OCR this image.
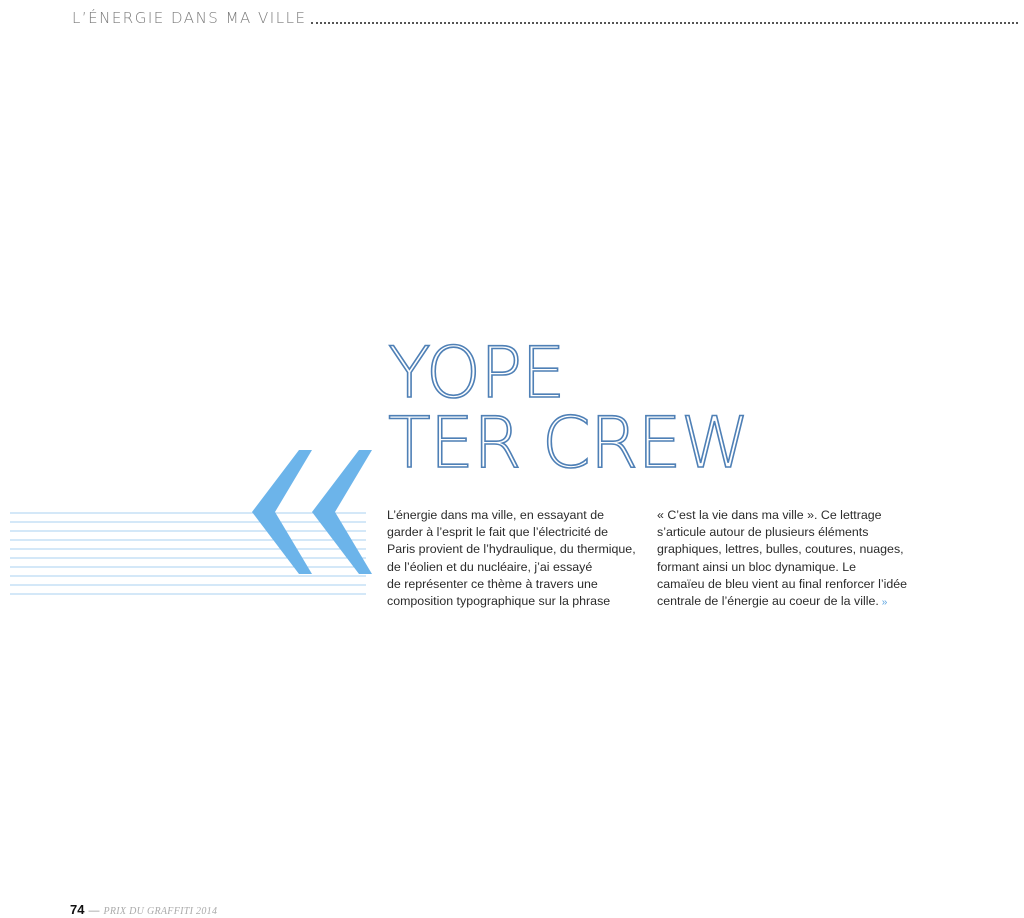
L’ÉNERGIE DANS MA VILLE
YOPE
TER CREW

L’énergie dans ma ville, en essayant de

garder à l’esprit le fait que l’électricité de

Paris provient de l’hydraulique, du thermique,

de l’éolien et du nucléaire, j’ai essayé

de représenter ce thème à travers une

composition typographique sur la phrase

« C’est la vie dans ma ville ». Ce lettrage

s’articule autour de plusieurs éléments

graphiques, lettres, bulles, coutures, nuages,

formant ainsi un bloc dynamique. Le

camaïeu de bleu vient au final renforcer l’idée

centrale de l’énergie au coeur de la ville. »

74 — PRIX DU GRAFFITI 2014
